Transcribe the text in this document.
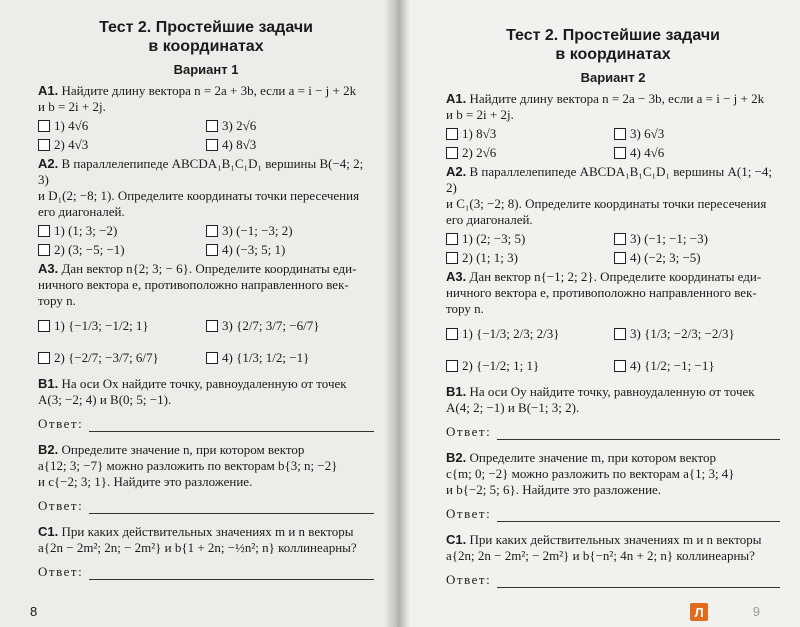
Тест 2. Простейшие задачи
в координатах

Вариант 1

A1. Найдите длину вектора n = 2a + 3b, если a = i − j + 2k

и b = 2i + 2j.

1) 4√6	3) 2√6
2) 4√3	4) 8√3

A2. В параллелепипеде ABCDA₁B₁C₁D₁ вершины B(−4; 2; 3)

и D₁(2; −8; 1). Определите координаты точки пересечения

его диагоналей.

1) (1; 3; −2)	3) (−1; −3; 2)
2) (3; −5; −1)	4) (−3; 5; 1)

A3. Дан вектор n{2; 3; − 6}. Определите координаты еди-

ничного вектора e, противоположно направленного век-

тору n.

1) {−1/3; −1/2; 1}	3) {2/7; 3/7; −6/7}
2) {−2/7; −3/7; 6/7}	4) {1/3; 1/2; −1}

B1. На оси Ox найдите точку, равноудаленную от точек

A(3; −2; 4) и B(0; 5; −1).

Ответ:

B2. Определите значение n, при котором вектор

a{12; 3; −7} можно разложить по векторам b{3; n; −2}

и c{−2; 3; 1}. Найдите это разложение.

Ответ:

C1. При каких действительных значениях m и n векторы

a{2n − 2m²; 2n; − 2m²} и b{1 + 2n; −½n²; n} коллинеарны?

Ответ:
8

Тест 2. Простейшие задачи
в координатах

Вариант 2

A1. Найдите длину вектора n = 2a − 3b, если a = i − j + 2k

и b = 2i + 2j.

1) 8√3	3) 6√3
2) 2√6	4) 4√6

A2. В параллелепипеде ABCDA₁B₁C₁D₁ вершины A(1; −4; 2)

и C₁(3; −2; 8). Определите координаты точки пересечения

его диагоналей.

1) (2; −3; 5)	3) (−1; −1; −3)
2) (1; 1; 3)	4) (−2; 3; −5)

A3. Дан вектор n{−1; 2; 2}. Определите координаты еди-

ничного вектора e, противоположно направленного век-

тору n.

1) {−1/3; 2/3; 2/3}	3) {1/3; −2/3; −2/3}
2) {−1/2; 1; 1}	4) {1/2; −1; −1}

B1. На оси Oy найдите точку, равноудаленную от точек

A(4; 2; −1) и B(−1; 3; 2).

Ответ:

B2. Определите значение m, при котором вектор

c{m; 0; −2} можно разложить по векторам a{1; 3; 4}

и b{−2; 5; 6}. Найдите это разложение.

Ответ:

C1. При каких действительных значениях m и n векторы

a{2n; 2n − 2m²; − 2m²} и b{−n²; 4n + 2; n} коллинеарны?

Ответ:
Л	9
